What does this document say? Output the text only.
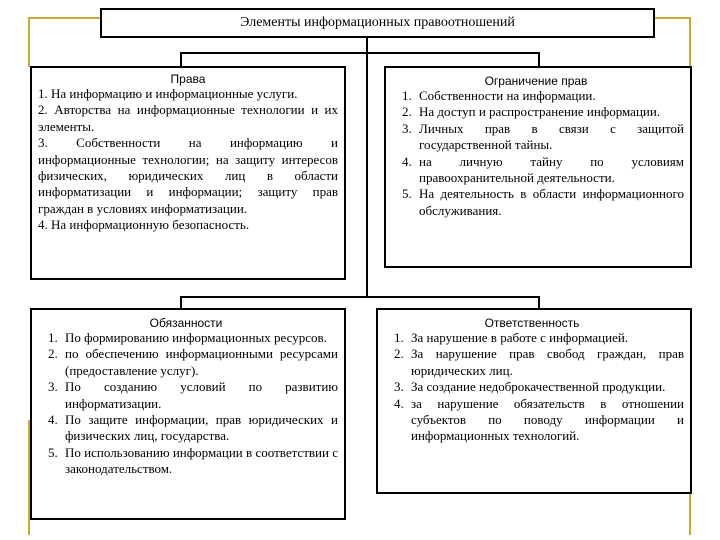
Элементы информационных правоотношений
Права

1. На информацию и информационные услуги.

2. Авторства на информационные технологии и их элементы.

3. Собственности на информацию и информационные технологии; на защиту интересов физических, юридических лиц в области информатизации и информации; защиту прав граждан в условиях информатизации.

4. На информационную безопасность.

Ограничение прав
1. Собственности на информации.
2. На доступ и распространение информации.
3. Личных прав в связи с защитой государственной тайны.
4. на личную тайну по условиям правоохранительной деятельности.
5. На деятельность в области информационного обслуживания.
Обязанности
1. По формированию информационных ресурсов.
2. по обеспечению информационными ресурсами (предоставление услуг).
3. По созданию условий по развитию информатизации.
4. По защите информации, прав юридических и физических лиц, государства.
5. По использованию информации в соответствии с законодательством.
Ответственность
1. За нарушение в работе с информацией.
2. За нарушение прав свобод граждан, прав юридических лиц.
3. За создание недоброкачественной продукции.
4. за нарушение обязательств в отношении субъектов по поводу информации и информационных технологий.
